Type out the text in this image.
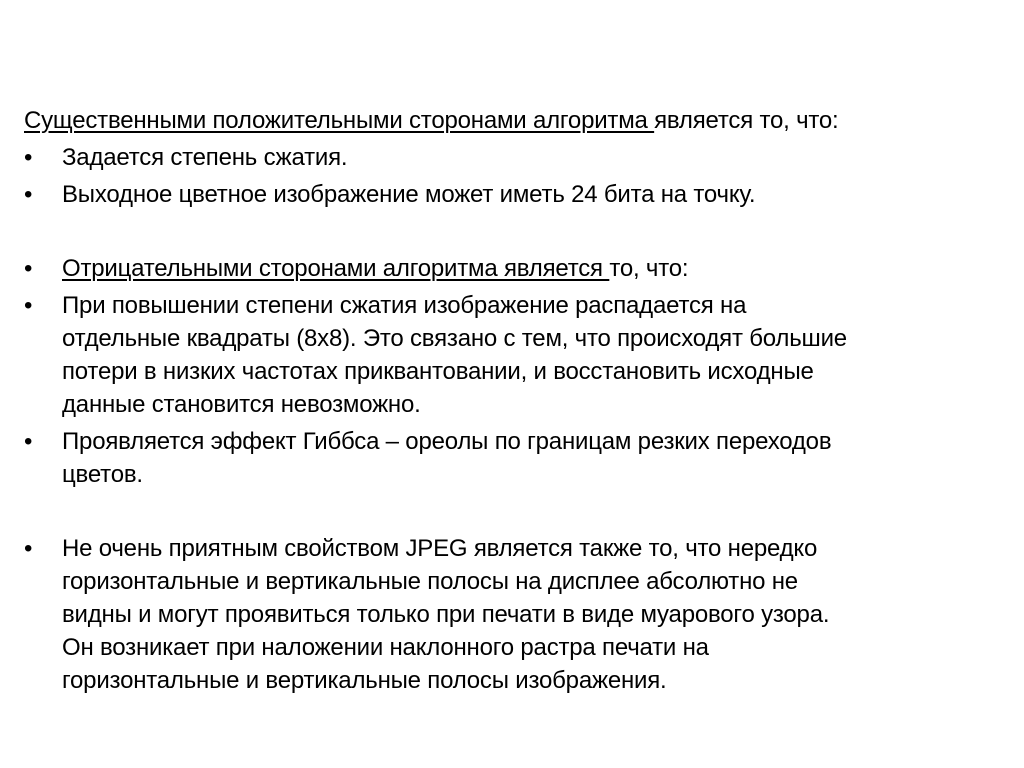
Существенными положительными сторонами алгоритма является то, что:

•	Задается степень сжатия.
•	Выходное цветное изображение может иметь 24 бита на точку.
•	Отрицательными сторонами алгоритма является то, что:
•	При повышении степени сжатия изображение распадается на
отдельные квадраты (8x8). Это связано с тем, что происходят большие
потери в низких частотах приквантовании, и восстановить исходные
данные становится невозможно.
•	Проявляется эффект Гиббса – ореолы по границам резких переходов
цветов.
•	Не очень приятным свойством JPEG является также то, что нередко
горизонтальные и вертикальные полосы на дисплее абсолютно не
видны и могут проявиться только при печати в виде муарового узора.
Он возникает при наложении наклонного растра печати на
горизонтальные и вертикальные полосы изображения.
